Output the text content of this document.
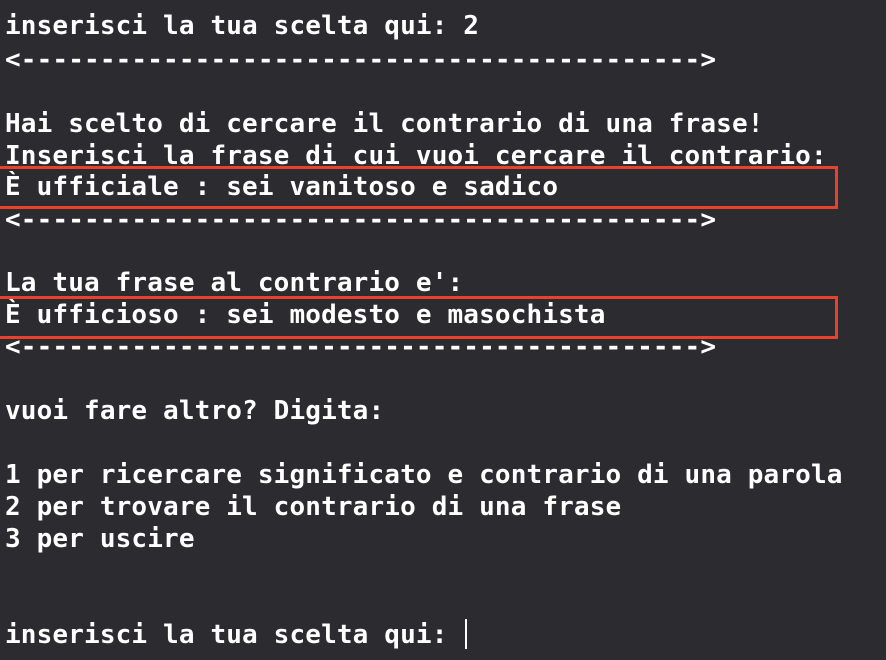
inserisci la tua scelta qui: 2
<------------------------------------------->
Hai scelto di cercare il contrario di una frase!
Inserisci la frase di cui vuoi cercare il contrario:
È ufficiale : sei vanitoso e sadico
<------------------------------------------->
La tua frase al contrario e':
È ufficioso : sei modesto e masochista
<------------------------------------------->
vuoi fare altro? Digita:
1 per ricercare significato e contrario di una parola
2 per trovare il contrario di una frase
3 per uscire
inserisci la tua scelta qui:
